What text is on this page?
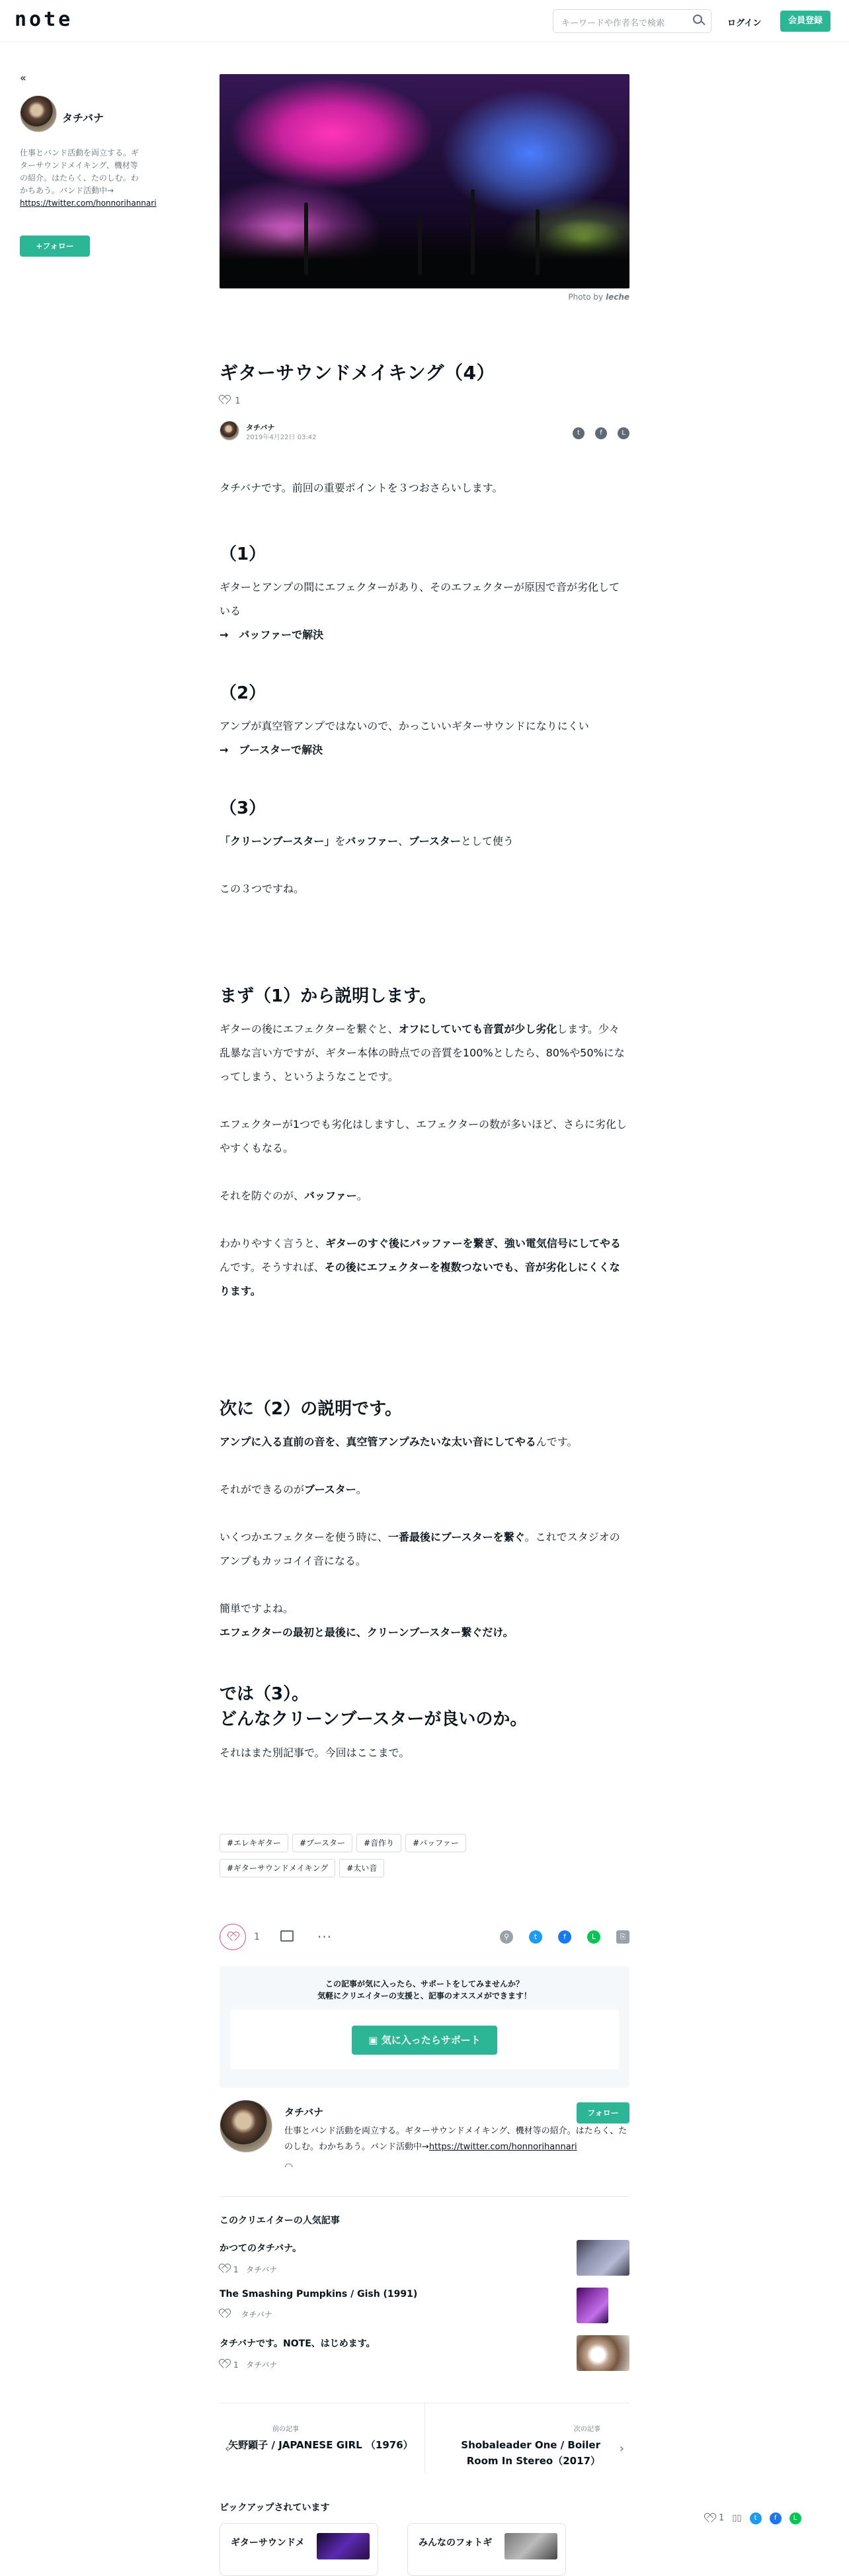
note	キーワードや作者名で検索	ログイン	会員登録
«
タチバナ
仕事とバンド活動を両立する。ギターサウンドメイキング、機材等の紹介。はたらく、たのしむ。わかちあう。バンド活動中→
https://twitter.com/honnorihannari
+フォロー
Photo by leche
ギターサウンドメイキング（4）
1
タチバナ
2019年4月22日 03:42
t	f	L

タチバナです。前回の重要ポイントを３つおさらいします。

（1）

ギターとアンプの間にエフェクターがあり、そのエフェクターが原因で音が劣化している

→　バッファーで解決

（2）

アンプが真空管アンプではないので、かっこいいギターサウンドになりにくい

→　ブースターで解決

（3）

「クリーンブースター」をバッファー、ブースターとして使う

この３つですね。

まず（1）から説明します。

ギターの後にエフェクターを繋ぐと、オフにしていても音質が少し劣化します。少々乱暴な言い方ですが、ギター本体の時点での音質を100%としたら、80%や50%になってしまう、というようなことです。

エフェクターが1つでも劣化はしますし、エフェクターの数が多いほど、さらに劣化しやすくもなる。

それを防ぐのが、バッファー。

わかりやすく言うと、ギターのすぐ後にバッファーを繋ぎ、強い電気信号にしてやるんです。そうすれば、その後にエフェクターを複数つないでも、音が劣化しにくくなります。

次に（2）の説明です。

アンプに入る直前の音を、真空管アンプみたいな太い音にしてやるんです。

それができるのがブースター。

いくつかエフェクターを使う時に、一番最後にブースターを繋ぐ。これでスタジオのアンプもカッコイイ音になる。

簡単ですよね。

エフェクターの最初と最後に、クリーンブースター繋ぐだけ。

では（3）。
どんなクリーンブースターが良いのか。

それはまた別記事で。今回はここまで。

#エレキギター #ブースター #音作り #バッファー
#ギターサウンドメイキング #太い音
1	···	⚲	t	f	L	⎘
この記事が気に入ったら、サポートをしてみませんか？
気軽にクリエイターの支援と、記事のオススメができます！
▣ 気に入ったらサポート
タチバナ	フォロー
仕事とバンド活動を両立する。ギターサウンドメイキング、機材等の紹介。はたらく、たのしむ。わかちあう。バンド活動中→https://twitter.com/honnorihannari
◠
このクリエイターの人気記事
かつてのタチバナ。
1 タチバナ
The Smashing Pumpkins / Gish (1991)
タチバナ
タチバナです。NOTE、はじめます。
1 タチバナ
‹
前の記事
矢野顕子 / JAPANESE GIRL （1976）
次の記事
Shobaleader One / Boiler Room In Stereo（2017）
›
ピックアップされています
ギターサウンドメ	みんなのフォトギ
1 ▯▯ t	f	L
